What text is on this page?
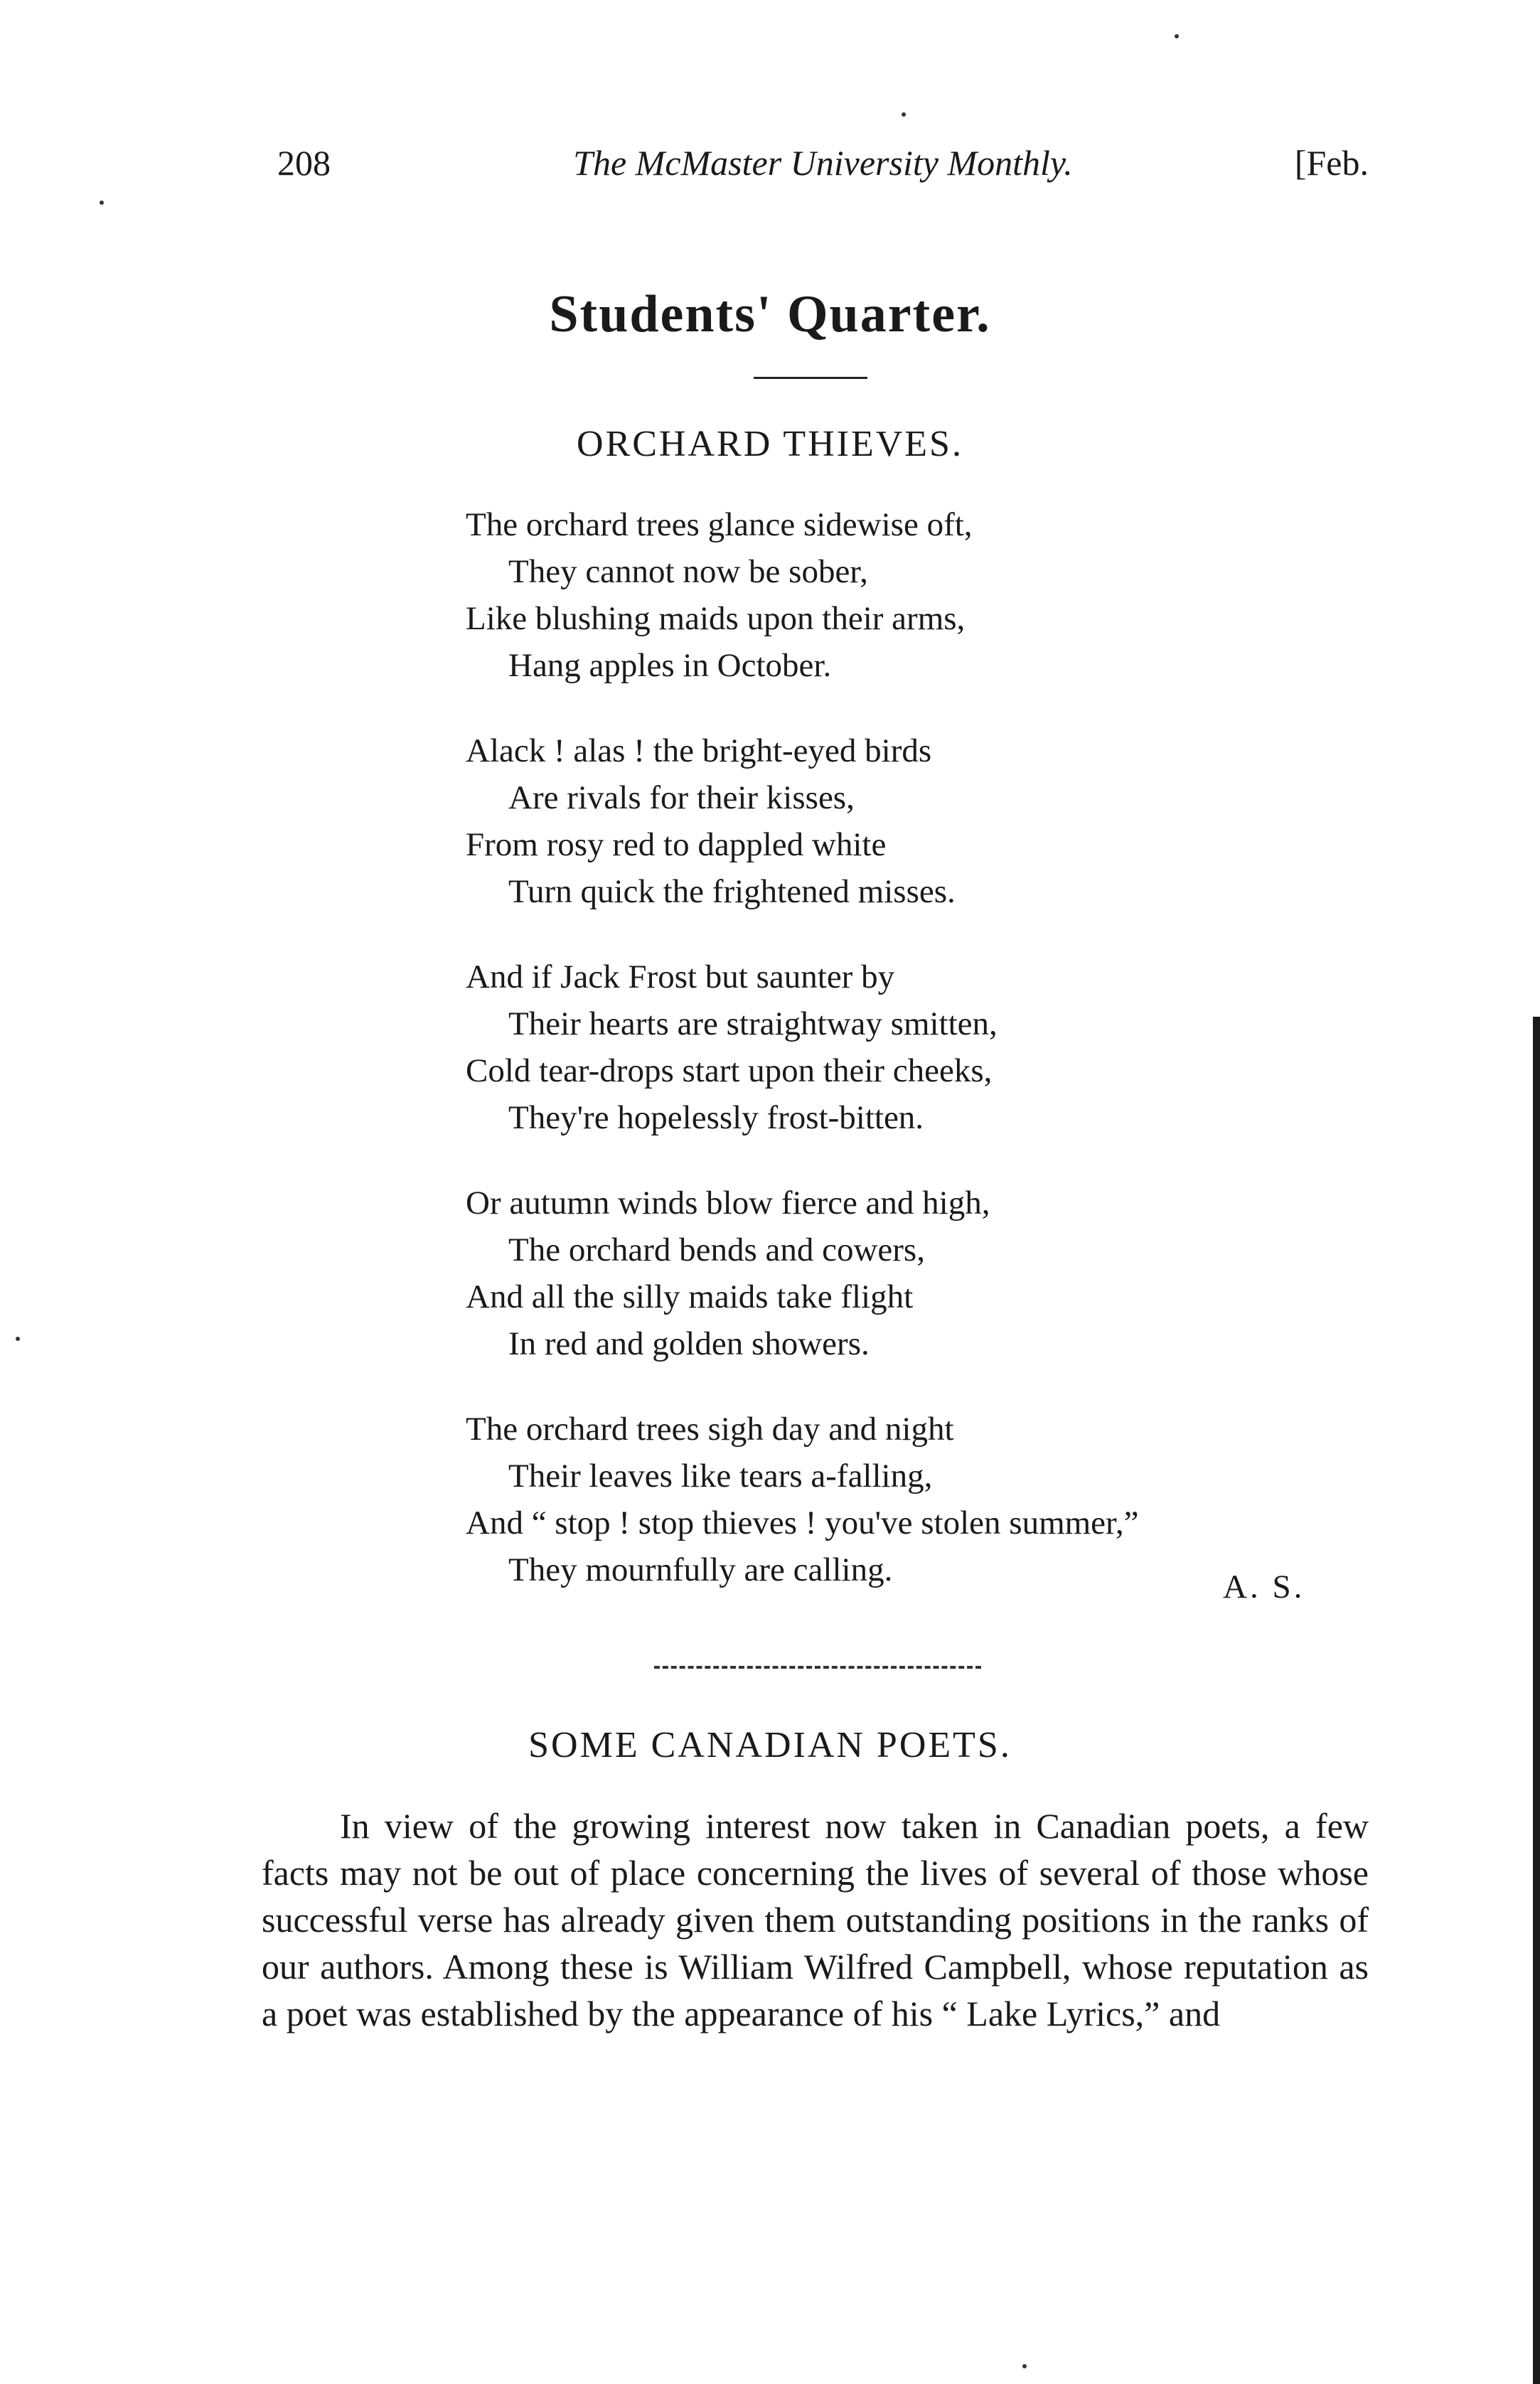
208	The McMaster University Monthly.	[Feb.
Students' Quarter.
ORCHARD THIEVES.
The orchard trees glance sidewise oft,
They cannot now be sober,
Like blushing maids upon their arms,
Hang apples in October.
Alack ! alas ! the bright-eyed birds
Are rivals for their kisses,
From rosy red to dappled white
Turn quick the frightened misses.
And if Jack Frost but saunter by
Their hearts are straightway smitten,
Cold tear-drops start upon their cheeks,
They're hopelessly frost-bitten.
Or autumn winds blow fierce and high,
The orchard bends and cowers,
And all the silly maids take flight
In red and golden showers.
The orchard trees sigh day and night
Their leaves like tears a-falling,
And “ stop ! stop thieves ! you've stolen summer,”
They mournfully are calling.	A. S.
SOME CANADIAN POETS.

In view of the growing interest now taken in Canadian poets, a few facts may not be out of place concerning the lives of several of those whose successful verse has already given them outstanding positions in the ranks of our authors. Among these is William Wilfred Campbell, whose reputation as a poet was established by the appearance of his “ Lake Lyrics,” and
